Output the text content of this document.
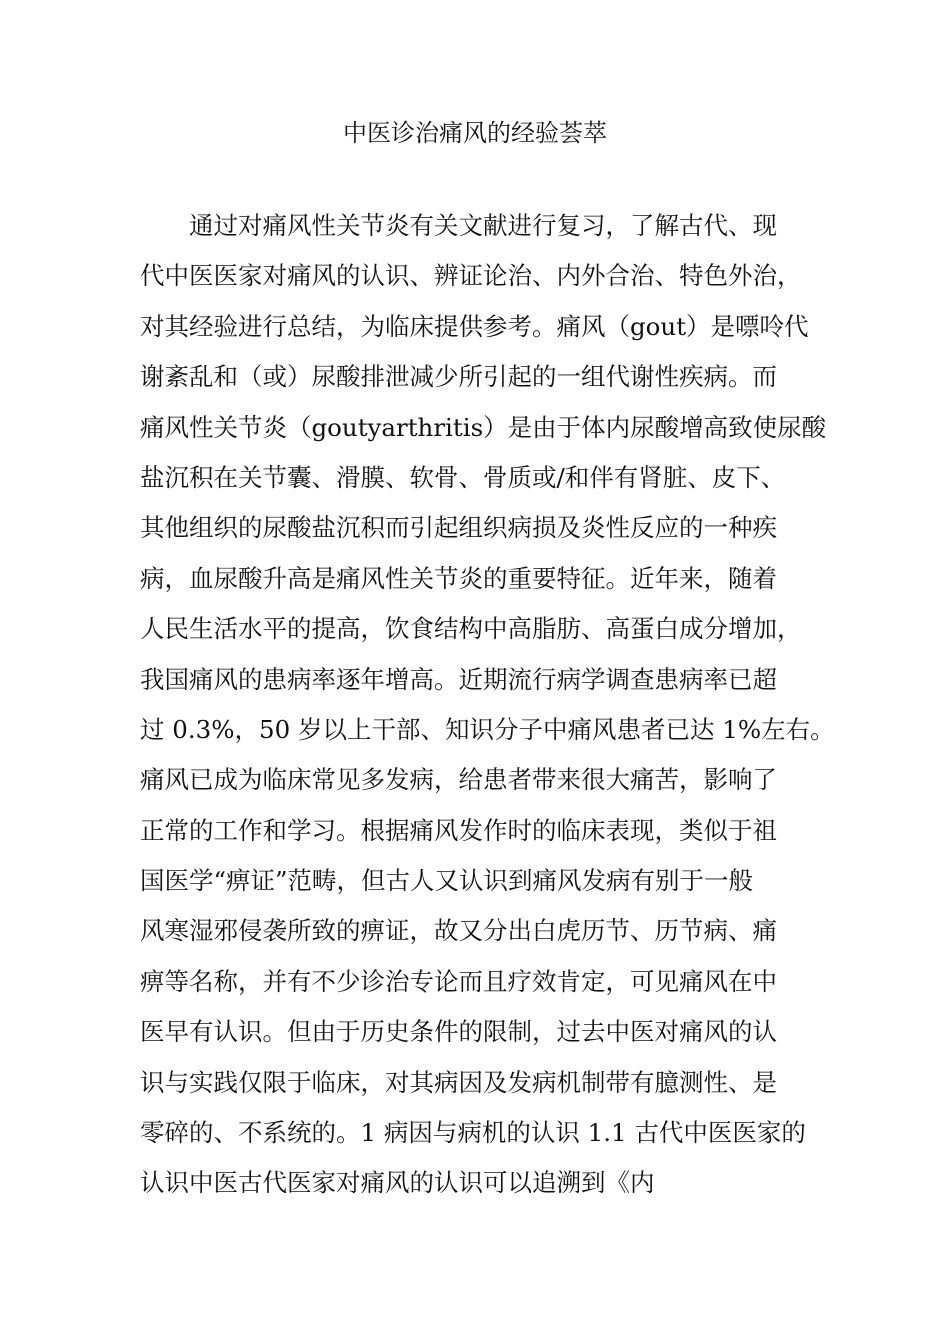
中医诊治痛风的经验荟萃
　　通过对痛风性关节炎有关文献进行复习，了解古代、现
代中医医家对痛风的认识、辨证论治、内外合治、特色外治，
对其经验进行总结，为临床提供参考。痛风（gout）是嘌呤代
谢紊乱和（或）尿酸排泄减少所引起的一组代谢性疾病。而
痛风性关节炎（goutyarthritis）是由于体内尿酸增高致使尿酸
盐沉积在关节囊、滑膜、软骨、骨质或/和伴有肾脏、皮下、
其他组织的尿酸盐沉积而引起组织病损及炎性反应的一种疾
病，血尿酸升高是痛风性关节炎的重要特征。近年来，随着
人民生活水平的提高，饮食结构中高脂肪、高蛋白成分增加，
我国痛风的患病率逐年增高。近期流行病学调查患病率已超
过 0.3%，50 岁以上干部、知识分子中痛风患者已达 1%左右。
痛风已成为临床常见多发病，给患者带来很大痛苦，影响了
正常的工作和学习。根据痛风发作时的临床表现，类似于祖
国医学“痹证”范畴，但古人又认识到痛风发病有别于一般
风寒湿邪侵袭所致的痹证，故又分出白虎历节、历节病、痛
痹等名称，并有不少诊治专论而且疗效肯定，可见痛风在中
医早有认识。但由于历史条件的限制，过去中医对痛风的认
识与实践仅限于临床，对其病因及发病机制带有臆测性、是
零碎的、不系统的。1 病因与病机的认识 1.1 古代中医医家的
认识中医古代医家对痛风的认识可以追溯到《内
